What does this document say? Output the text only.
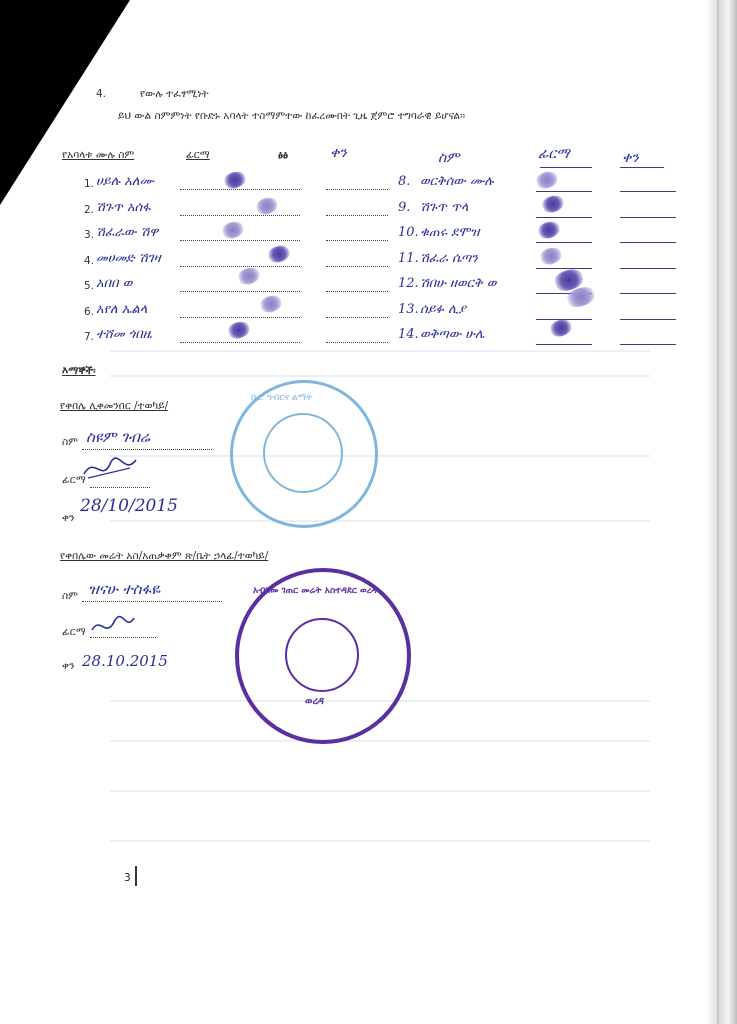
4.	የውሉ ተፈፃሚነት
ይህ ውል ስምምነት የቡድኑ አባላት ተስማምተው ከፈረሙበት ጊዜ ጀምሮ ተግባራዊ ይሆናል፡፡
የአባላቱ ሙሉ ስም	ፊርማ	ፅፅ	ቀን	ስም	ፊርማ	ቀን
1. ሀይሉ አለሙ
2. ሽጉጥ አሰፋ
3. ሽፈራው ሽዋ
4. መሀመድ ሽገዛ
5. አበበ ወ
6. አየለ ኤልላ
7. ተሸመ ጎበዜ
8. ወርቅሰው ሙሉ
9. ሽጉጥ ጥላ
10. ቁጠሩ ደሞዝ
11. ሽፈራ ሴጣን
12. ሽበሁ ዘወርቅ ወ
13. ሰይፉ ሊያ
14. ወቅጣው ሁሌ
እማኞች፡
የቀበሌ ሊቀመንበር /ተወካይ/
ስም ስዩም ገብሬ
ፊርማ
ቀን
28/10/2015
የቀበሌው መሬት አስ/አጠቃቀም ጽ/ቤት ኃላፊ/ተወካይ/
ስም ዝናሁ ተስፋዬ
ፊርማ
ቀን 28.10.2015
ቢሮ ግብርና ልማት
አብክመ ገጠር መሬት አስተዳደር ወረዳ
ወረዳ
3
